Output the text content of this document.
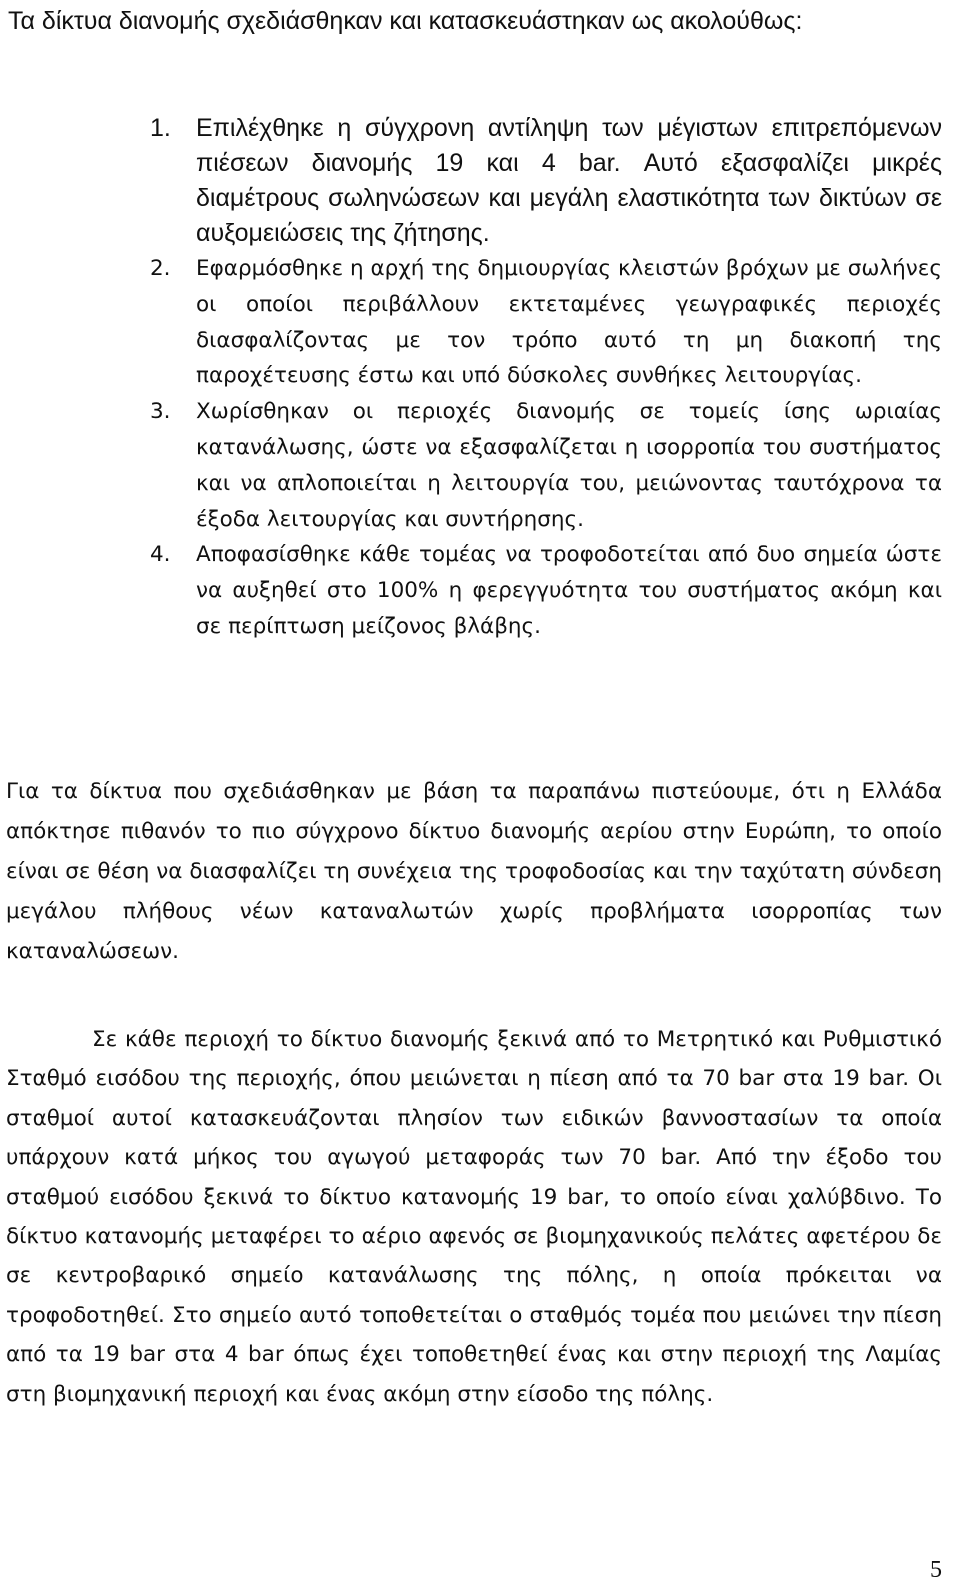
Τα δίκτυα διανομής σχεδιάσθηκαν και κατασκευάστηκαν ως ακολούθως:

1.	Επιλέχθηκε η σύγχρονη αντίληψη των μέγιστων επιτρεπόμενων πιέσεων διανομής 19 και 4 bar. Αυτό εξασφαλίζει μικρές διαμέτρους σωληνώσεων και μεγάλη ελαστικότητα των δικτύων σε αυξομειώσεις της ζήτησης.
2.	Εφαρμόσθηκε η αρχή της δημιουργίας κλειστών βρόχων με σωλήνες οι οποίοι περιβάλλουν εκτεταμένες γεωγραφικές περιοχές διασφαλίζοντας με τον τρόπο αυτό τη μη διακοπή της παροχέτευσης έστω και υπό δύσκολες συνθήκες λειτουργίας.
3.	Χωρίσθηκαν οι περιοχές διανομής σε τομείς ίσης ωριαίας κατανάλωσης, ώστε να εξασφαλίζεται η ισορροπία του συστήματος και να απλοποιείται η λειτουργία του, μειώνοντας ταυτόχρονα τα έξοδα λειτουργίας και συντήρησης.
4.	Αποφασίσθηκε κάθε τομέας να τροφοδοτείται από δυο σημεία ώστε να αυξηθεί στο 100% η φερεγγυότητα του συστήματος ακόμη και σε περίπτωση μείζονος βλάβης.

Για τα δίκτυα που σχεδιάσθηκαν με βάση τα παραπάνω πιστεύουμε, ότι η Ελλάδα απόκτησε πιθανόν το πιο σύγχρονο δίκτυο διανομής αερίου στην Ευρώπη, το οποίο είναι σε θέση να διασφαλίζει τη συνέχεια της τροφοδοσίας και την ταχύτατη σύνδεση μεγάλου πλήθους νέων καταναλωτών χωρίς προβλήματα ισορροπίας των καταναλώσεων.

Σε κάθε περιοχή το δίκτυο διανομής ξεκινά από το Μετρητικό και Ρυθμιστικό Σταθμό εισόδου της περιοχής, όπου μειώνεται η πίεση από τα 70 bar στα 19 bar. Οι σταθμοί αυτοί κατασκευάζονται πλησίον των ειδικών βαννοστασίων τα οποία υπάρχουν κατά μήκος του αγωγού μεταφοράς των 70 bar. Από την έξοδο του σταθμού εισόδου ξεκινά το δίκτυο κατανομής 19 bar, το οποίο είναι χαλύβδινο. Το δίκτυο κατανομής μεταφέρει το αέριο αφενός σε βιομηχανικούς πελάτες αφετέρου δε σε κεντροβαρικό σημείο κατανάλωσης της πόλης, η οποία πρόκειται να τροφοδοτηθεί. Στο σημείο αυτό τοποθετείται ο σταθμός τομέα που μειώνει την πίεση από τα 19 bar στα 4 bar όπως έχει τοποθετηθεί ένας και στην περιοχή της Λαμίας στη βιομηχανική περιοχή και ένας ακόμη στην είσοδο της πόλης.

5
